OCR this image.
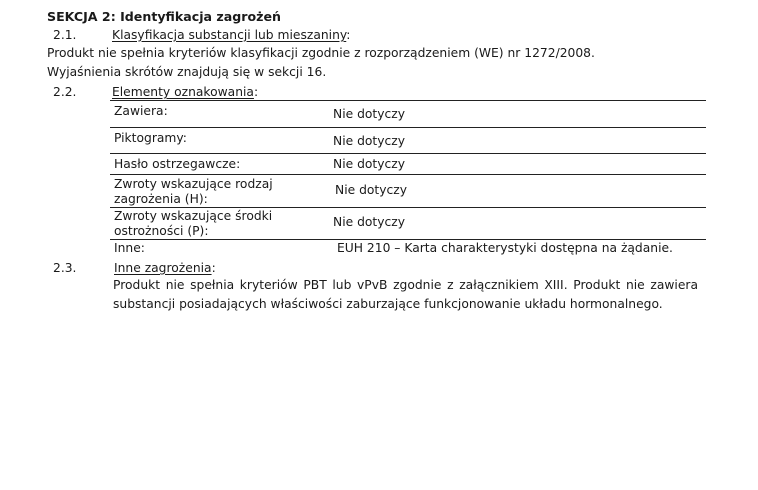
SEKCJA 2: Identyfikacja zagrożeń
2.1.	Klasyfikacja substancji lub mieszaniny:
Produkt nie spełnia kryteriów klasyfikacji zgodnie z rozporządzeniem (WE) nr 1272/2008.
Wyjaśnienia skrótów znajdują się w sekcji 16.
2.2.	Elementy oznakowania:
Zawiera:	Nie dotyczy
Piktogramy:	Nie dotyczy
Hasło ostrzegawcze:	Nie dotyczy
Zwroty wskazujące rodzaj zagrożenia (H):
Nie dotyczy
Zwroty wskazujące środki ostrożności (P):
Nie dotyczy
Inne:	EUH 210 – Karta charakterystyki dostępna na żądanie.
2.3.	Inne zagrożenia:
Produkt nie spełnia kryteriów PBT lub vPvB zgodnie z załącznikiem XIII. Produkt nie zawiera substancji posiadających właściwości zaburzające funkcjonowanie układu hormonalnego.
